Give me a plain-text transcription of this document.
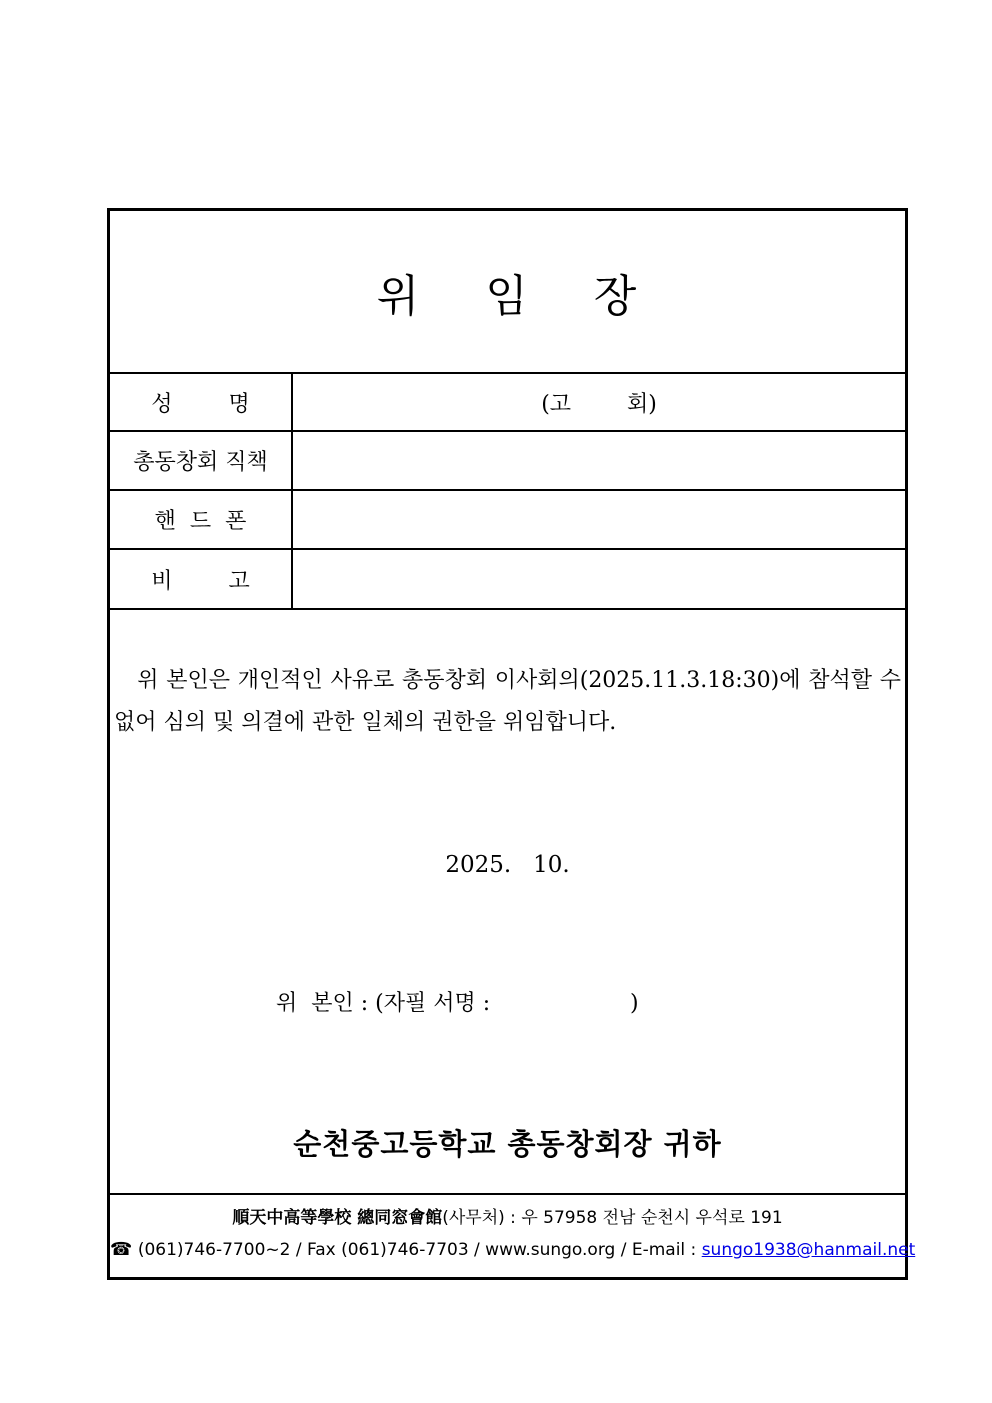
위    임    장
성        명	(고        회)
총동창회 직책
핸  드  폰
비        고

위 본인은 개인적인 사유로 총동창회 이사회의(2025.11.3.18:30)에 참석할 수 없어 심의 및 의결에 관한 일체의 권한을 위임합니다.

2025.   10.
위  본인 : (자필 서명 :                    )
순천중고등학교 총동창회장 귀하
順天中高等學校 總同窓會館(사무처) : 우 57958 전남 순천시 우석로 191
☎ (061)746-7700~2 / Fax (061)746-7703 / www.sungo.org / E-mail : sungo1938@hanmail.net
